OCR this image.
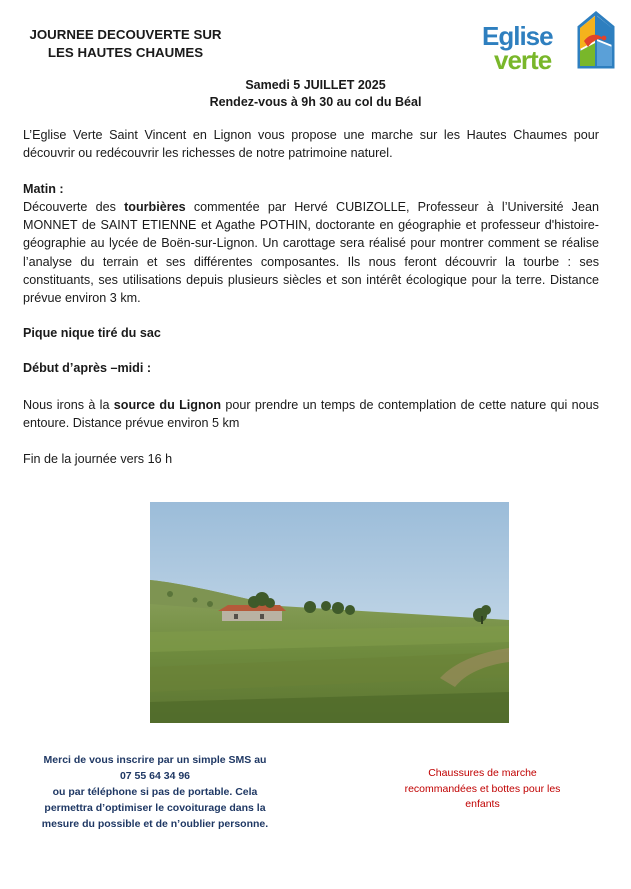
JOURNEE DECOUVERTE SUR
LES HAUTES CHAUMES
Eglise
verte
Samedi 5 JUILLET 2025
Rendez-vous à 9h 30 au col du Béal
L’Eglise Verte Saint Vincent en Lignon vous propose une marche sur les Hautes Chaumes pour découvrir ou redécouvrir les richesses de notre patrimoine naturel.
Matin :
Découverte des tourbières commentée par Hervé CUBIZOLLE, Professeur à l’Université Jean MONNET de SAINT ETIENNE et Agathe POTHIN, doctorante en géographie et professeur d'histoire-géographie au lycée de Boën-sur-Lignon. Un carottage sera réalisé pour montrer comment se réalise l’analyse du terrain et ses différentes composantes. Ils nous feront découvrir la tourbe : ses constituants, ses utilisations depuis plusieurs siècles et son intérêt écologique pour la terre. Distance prévue environ 3 km.
Pique nique tiré du sac
Début d’après –midi :
Nous irons à la source du Lignon pour prendre un temps de contemplation de cette nature qui nous entoure. Distance prévue environ 5 km
Fin de la journée vers 16 h
Merci de vous inscrire par un simple SMS au
07 55 64 34 96
ou par téléphone si pas de portable. Cela
permettra d’optimiser le covoiturage dans la
mesure du possible et de n’oublier personne.
Chaussures de marche
recommandées et bottes pour les
enfants
